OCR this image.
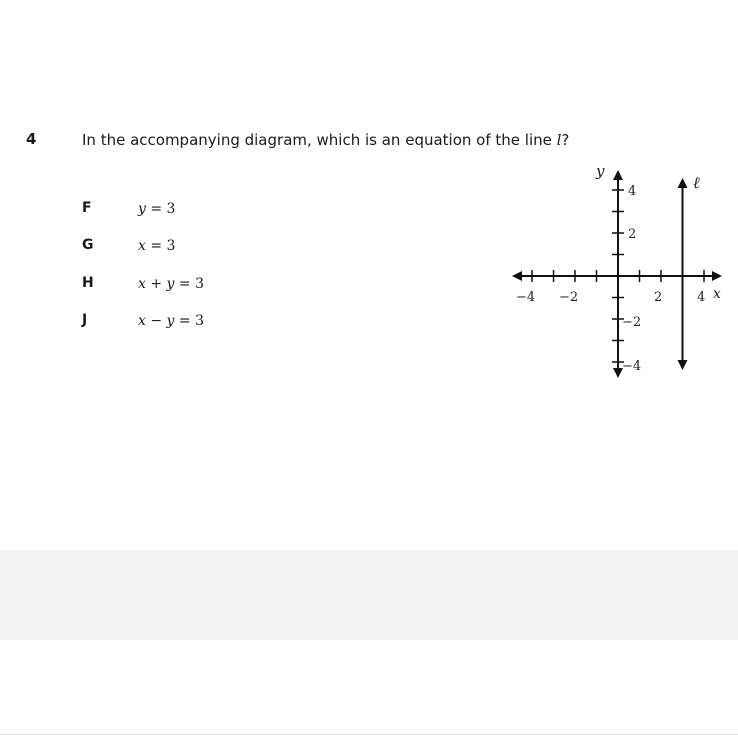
4	In the accompanying diagram, which is an equation of the line l?
F	y = 3
G	x = 3
H	x + y = 3
J	x − y = 3
y
x
ℓ
−4 −2	2	4
4
2
−2
−4
